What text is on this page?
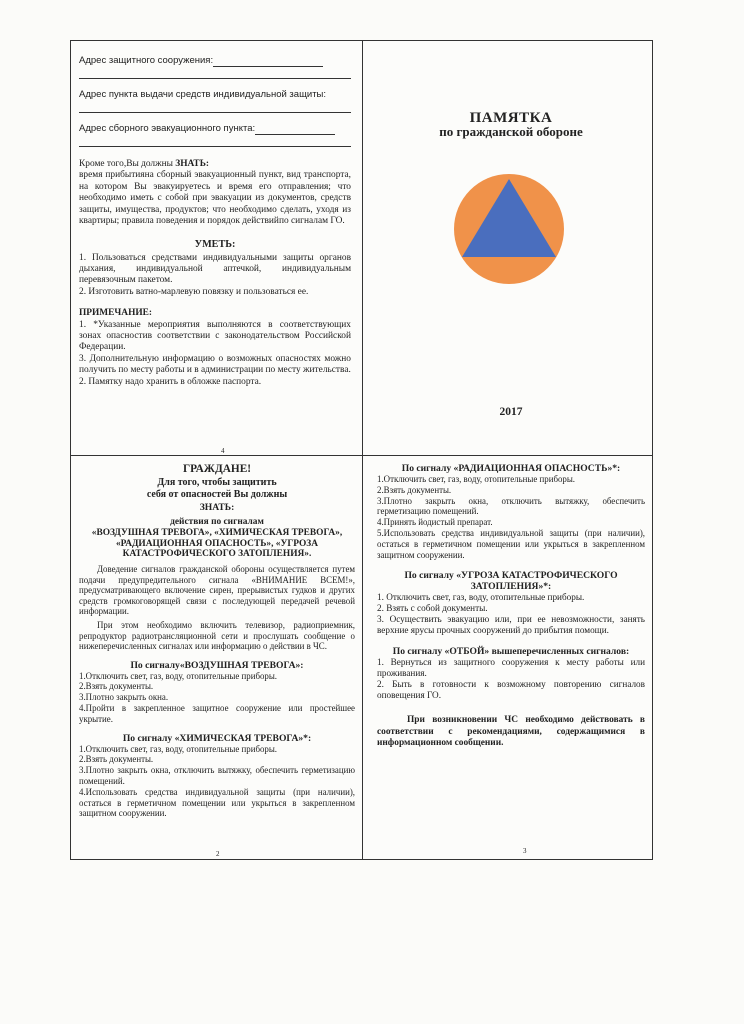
Адрес защитного сооружения:
Адрес пункта выдачи средств индивидуальной защиты:
Адрес сборного эвакуационного пункта:
Кроме того,Вы должны ЗНАТЬ:
время прибытияна сборный эвакуационный пункт, вид транспорта, на котором Вы эвакуируетесь и время его отправления; что необходимо иметь с собой при эвакуации из документов, средств защиты, имущества, продуктов; что необходимо сделать, уходя из квартиры; правила поведения и порядок действийпо сигналам ГО.
УМЕТЬ:
1. Пользоваться средствами индивидуальными защиты органов дыхания, индивидуальной аптечкой, индивидуальным перевязочным пакетом.
2. Изготовить ватно-марлевую повязку и пользоваться ее.
ПРИМЕЧАНИЕ:
1. *Указанные мероприятия выполняются в соответствующих зонах опасностив соответствии с законодательством Российской Федерации.
3. Дополнительную информацию о возможных опасностях можно получить по месту работы и в администрации по месту жительства.
2. Памятку надо хранить в обложке паспорта.
4
ПАМЯТКА
по гражданской обороне
2017
ГРАЖДАНЕ!
Для того, чтобы защитить
себя от опасностей Вы должны
ЗНАТЬ:
действия по сигналам
«ВОЗДУШНАЯ ТРЕВОГА», «ХИМИЧЕСКАЯ ТРЕВОГА», «РАДИАЦИОННАЯ ОПАСНОСТЬ», «УГРОЗА КАТАСТРОФИЧЕСКОГО ЗАТОПЛЕНИЯ».
Доведение сигналов гражданской обороны осуществляется путем подачи предупредительного сигнала «ВНИМАНИЕ ВСЕМ!», предусматривающего включение сирен, прерывистых гудков и других средств громкоговорящей связи с последующей передачей речевой информации.
При этом необходимо включить телевизор, радиоприемник, репродуктор радиотрансляционной сети и прослушать сообщение о нижеперечисленных сигналах или информацию о действии в ЧС.
По сигналу«ВОЗДУШНАЯ ТРЕВОГА»:
1.Отключить свет, газ, воду, отопительные приборы.
2.Взять документы.
3.Плотно закрыть окна.
4.Пройти в закрепленное защитное сооружение или простейшее укрытие.
По сигналу «ХИМИЧЕСКАЯ ТРЕВОГА»*:
1.Отключить свет, газ, воду, отопительные приборы.
2.Взять документы.
3.Плотно закрыть окна, отключить вытяжку, обеспечить герметизацию помещений.
4.Использовать средства индивидуальной защиты (при наличии), остаться в герметичном помещении или укрыться в закрепленном защитном сооружении.
2
По сигналу «РАДИАЦИОННАЯ ОПАСНОСТЬ»*:
1.Отключить свет, газ, воду, отопительные приборы.
2.Взять документы.
3.Плотно закрыть окна, отключить вытяжку, обеспечить герметизацию помещений.
4.Принять йодистый препарат.
5.Использовать средства индивидуальной защиты (при наличии), остаться в герметичном помещении или укрыться в закрепленном защитном сооружении.
По сигналу «УГРОЗА КАТАСТРОФИЧЕСКОГО ЗАТОПЛЕНИЯ»*:
1. Отключить свет, газ, воду, отопительные приборы.
2. Взять с собой документы.
3. Осуществить эвакуацию или, при ее невозможности, занять верхние ярусы прочных сооружений до прибытия помощи.
По сигналу «ОТБОЙ» вышеперечисленных сигналов:
1. Вернуться из защитного сооружения к месту работы или проживания.
2. Быть в готовности к возможному повторению сигналов оповещения ГО.
При возникновении ЧС необходимо действовать в соответствии с рекомендациями, содержащимися в информационном сообщении.
3
